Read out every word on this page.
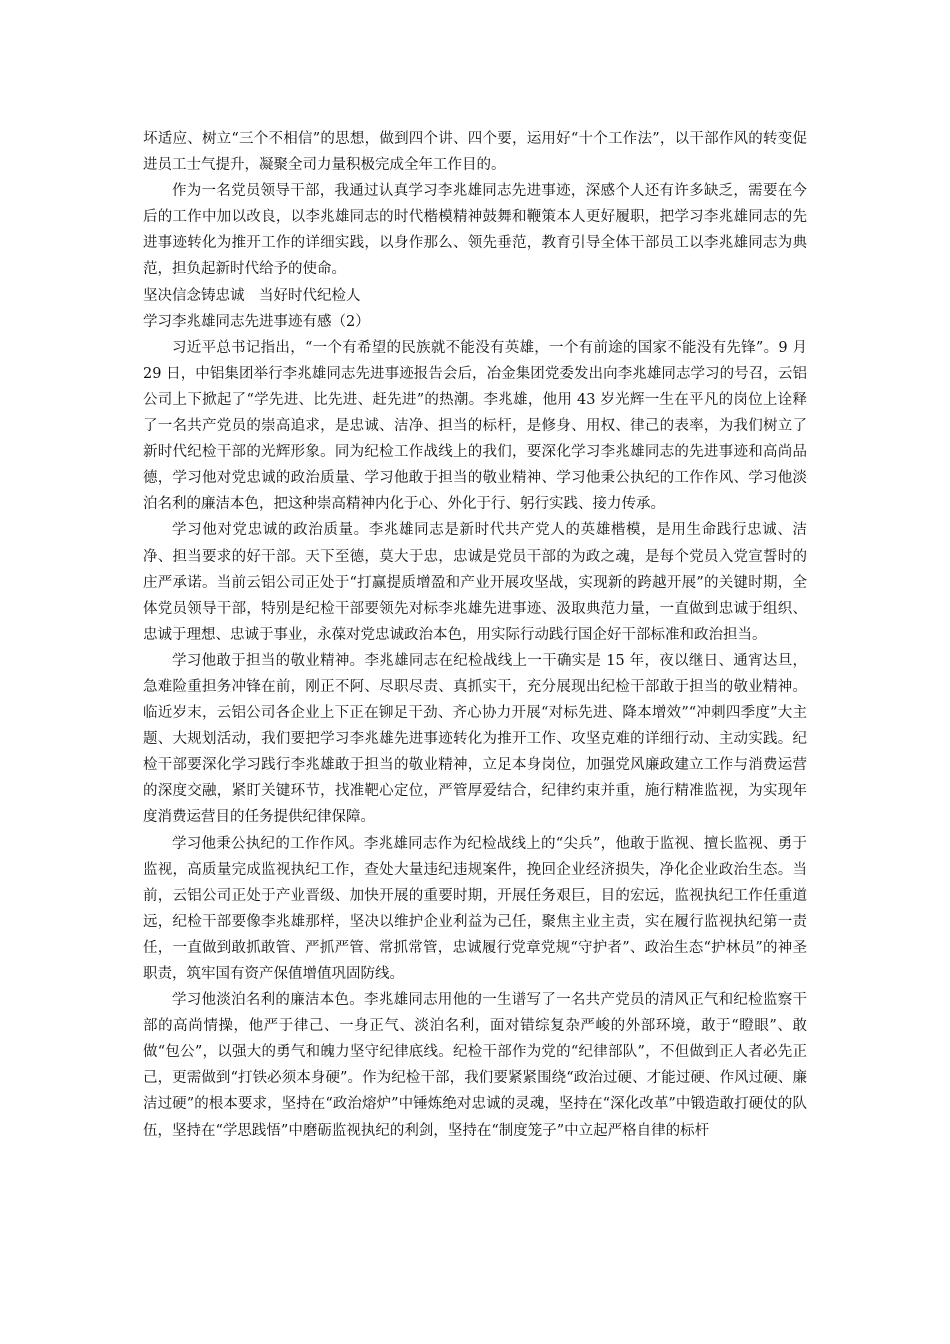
坏适应、树立“三个不相信”的思想，做到四个讲、四个要，运用好“十个工作法”，以干部作风的转变促进员工士气提升，凝聚全司力量积极完成全年工作目的。

作为一名党员领导干部，我通过认真学习李兆雄同志先进事迹，深感个人还有许多缺乏，需要在今后的工作中加以改良，以李兆雄同志的时代楷模精神鼓舞和鞭策本人更好履职，把学习李兆雄同志的先进事迹转化为推开工作的详细实践，以身作那么、领先垂范，教育引导全体干部员工以李兆雄同志为典范，担负起新时代给予的使命。

坚决信念铸忠诚　当好时代纪检人

学习李兆雄同志先进事迹有感（2）

习近平总书记指出，“一个有希望的民族就不能没有英雄，一个有前途的国家不能没有先锋”。9 月 29 日，中铝集团举行李兆雄同志先进事迹报告会后，冶金集团党委发出向李兆雄同志学习的号召，云铝公司上下掀起了“学先进、比先进、赶先进”的热潮。李兆雄，他用 43 岁光辉一生在平凡的岗位上诠释了一名共产党员的崇高追求，是忠诚、洁净、担当的标杆，是修身、用权、律己的表率，为我们树立了新时代纪检干部的光辉形象。同为纪检工作战线上的我们，要深化学习李兆雄同志的先进事迹和高尚品德，学习他对党忠诚的政治质量、学习他敢于担当的敬业精神、学习他秉公执纪的工作作风、学习他淡泊名利的廉洁本色，把这种崇高精神内化于心、外化于行、躬行实践、接力传承。

学习他对党忠诚的政治质量。李兆雄同志是新时代共产党人的英雄楷模，是用生命践行忠诚、洁净、担当要求的好干部。天下至德，莫大于忠，忠诚是党员干部的为政之魂，是每个党员入党宣誓时的庄严承诺。当前云铝公司正处于“打赢提质增盈和产业开展攻坚战，实现新的跨越开展”的关键时期，全体党员领导干部，特别是纪检干部要领先对标李兆雄先进事迹、汲取典范力量，一直做到忠诚于组织、忠诚于理想、忠诚于事业，永葆对党忠诚政治本色，用实际行动践行国企好干部标准和政治担当。

学习他敢于担当的敬业精神。李兆雄同志在纪检战线上一干确实是 15 年，夜以继日、通宵达旦，急难险重担务冲锋在前，刚正不阿、尽职尽责、真抓实干，充分展现出纪检干部敢于担当的敬业精神。临近岁末，云铝公司各企业上下正在铆足干劲、齐心协力开展“对标先进、降本增效”“冲刺四季度”大主题、大规划活动，我们要把学习李兆雄先进事迹转化为推开工作、攻坚克难的详细行动、主动实践。纪检干部要深化学习践行李兆雄敢于担当的敬业精神，立足本身岗位，加强党风廉政建立工作与消费运营的深度交融，紧盯关键环节，找准靶心定位，严管厚爱结合，纪律约束并重，施行精准监视，为实现年度消费运营目的任务提供纪律保障。

学习他秉公执纪的工作作风。李兆雄同志作为纪检战线上的“尖兵”，他敢于监视、擅长监视、勇于监视，高质量完成监视执纪工作，查处大量违纪违规案件，挽回企业经济损失，净化企业政治生态。当前，云铝公司正处于产业晋级、加快开展的重要时期，开展任务艰巨，目的宏远，监视执纪工作任重道远，纪检干部要像李兆雄那样，坚决以维护企业利益为己任，聚焦主业主责，实在履行监视执纪第一责任，一直做到敢抓敢管、严抓严管、常抓常管，忠诚履行党章党规“守护者”、政治生态“护林员”的神圣职责，筑牢国有资产保值增值巩固防线。

学习他淡泊名利的廉洁本色。李兆雄同志用他的一生谱写了一名共产党员的清风正气和纪检监察干部的高尚情操，他严于律己、一身正气、淡泊名利，面对错综复杂严峻的外部环境，敢于“瞪眼”、敢做“包公”，以强大的勇气和魄力坚守纪律底线。纪检干部作为党的“纪律部队”，不但做到正人者必先正己，更需做到“打铁必须本身硬”。作为纪检干部，我们要紧紧围绕“政治过硬、才能过硬、作风过硬、廉洁过硬”的根本要求，坚持在“政治熔炉”中锤炼绝对忠诚的灵魂，坚持在“深化改革”中锻造敢打硬仗的队伍，坚持在“学思践悟”中磨砺监视执纪的利剑，坚持在“制度笼子”中立起严格自律的标杆
